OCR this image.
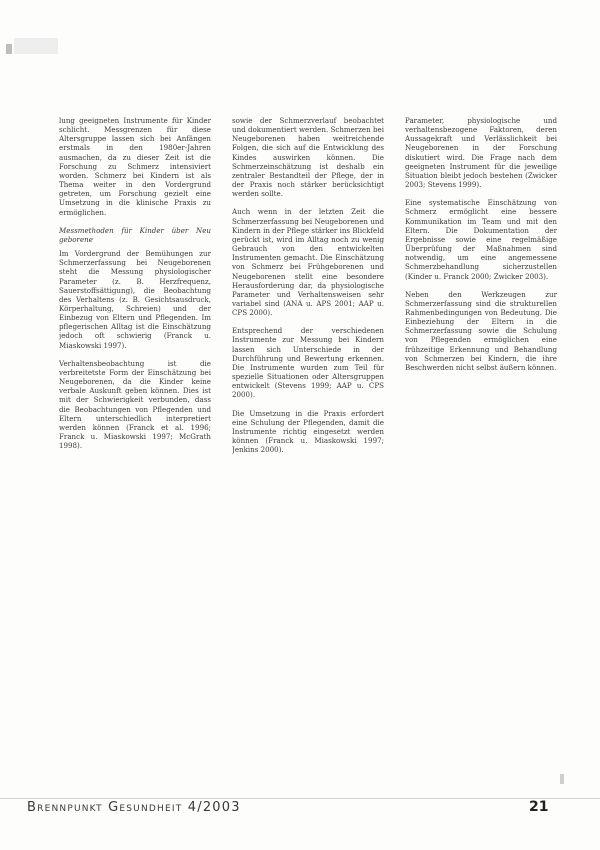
lung geeigneten Instrumente für Kinder schlicht. Messgrenzen für diese Altersgruppe lassen sich bei Anfängen erstmals in den 1980er-Jahren ausmachen, da zu dieser Zeit ist die Forschung zu Schmerz intensiviert worden. Schmerz bei Kindern ist als Thema weiter in den Vordergrund getreten, um Forschung gezielt eine Umsetzung in die klinische Praxis zu ermöglichen.

Messmethoden für Kinder über Neu geborene

Im Vordergrund der Bemühungen zur Schmerzerfassung bei Neugeborenen steht die Messung physiologischer Parameter (z. B. Herzfrequenz, Sauerstoffsättigung), die Beobachtung des Verhaltens (z. B. Gesichtsausdruck, Körperhaltung, Schreien) und der Einbezug von Eltern und Pflegenden. Im pflegerischen Alltag ist die Einschätzung jedoch oft schwierig (Franck u. Miaskowski 1997).

Verhaltensbeobachtung ist die verbreitetste Form der Einschätzung bei Neugeborenen, da die Kinder keine verbale Auskunft geben können. Dies ist mit der Schwierigkeit verbunden, dass die Beobachtungen von Pflegenden und Eltern unterschiedlich interpretiert werden können (Franck et al. 1996; Franck u. Miaskowski 1997; McGrath 1998).

sowie der Schmerzverlauf beobachtet und dokumentiert werden. Schmerzen bei Neugeborenen haben weitreichende Folgen, die sich auf die Entwicklung des Kindes auswirken können. Die Schmerzeinschätzung ist deshalb ein zentraler Bestandteil der Pflege, der in der Praxis noch stärker berücksichtigt werden sollte.

Auch wenn in der letzten Zeit die Schmerzerfassung bei Neugeborenen und Kindern in der Pflege stärker ins Blickfeld gerückt ist, wird im Alltag noch zu wenig Gebrauch von den entwickelten Instrumenten gemacht. Die Einschätzung von Schmerz bei Frühgeborenen und Neugeborenen stellt eine besondere Herausforderung dar, da physiologische Parameter und Verhaltensweisen sehr variabel sind (ANA u. APS 2001; AAP u. CPS 2000).

Entsprechend der verschiedenen Instrumente zur Messung bei Kindern lassen sich Unterschiede in der Durchführung und Bewertung erkennen. Die Instrumente wurden zum Teil für spezielle Situationen oder Altersgruppen entwickelt (Stevens 1999; AAP u. CPS 2000).

Die Umsetzung in die Praxis erfordert eine Schulung der Pflegenden, damit die Instrumente richtig eingesetzt werden können (Franck u. Miaskowski 1997; Jenkins 2000).

Parameter, physiologische und verhaltensbezogene Faktoren, deren Aussagekraft und Verlässlichkeit bei Neugeborenen in der Forschung diskutiert wird. Die Frage nach dem geeigneten Instrument für die jeweilige Situation bleibt jedoch bestehen (Zwicker 2003; Stevens 1999).

Eine systematische Einschätzung von Schmerz ermöglicht eine bessere Kommunikation im Team und mit den Eltern. Die Dokumentation der Ergebnisse sowie eine regelmäßige Überprüfung der Maßnahmen sind notwendig, um eine angemessene Schmerzbehandlung sicherzustellen (Kinder u. Franck 2000; Zwicker 2003).

Neben den Werkzeugen zur Schmerzerfassung sind die strukturellen Rahmenbedingungen von Bedeutung. Die Einbeziehung der Eltern in die Schmerzerfassung sowie die Schulung von Pflegenden ermöglichen eine frühzeitige Erkennung und Behandlung von Schmerzen bei Kindern, die ihre Beschwerden nicht selbst äußern können.

Brennpunkt Gesundheit 4/2003	21
